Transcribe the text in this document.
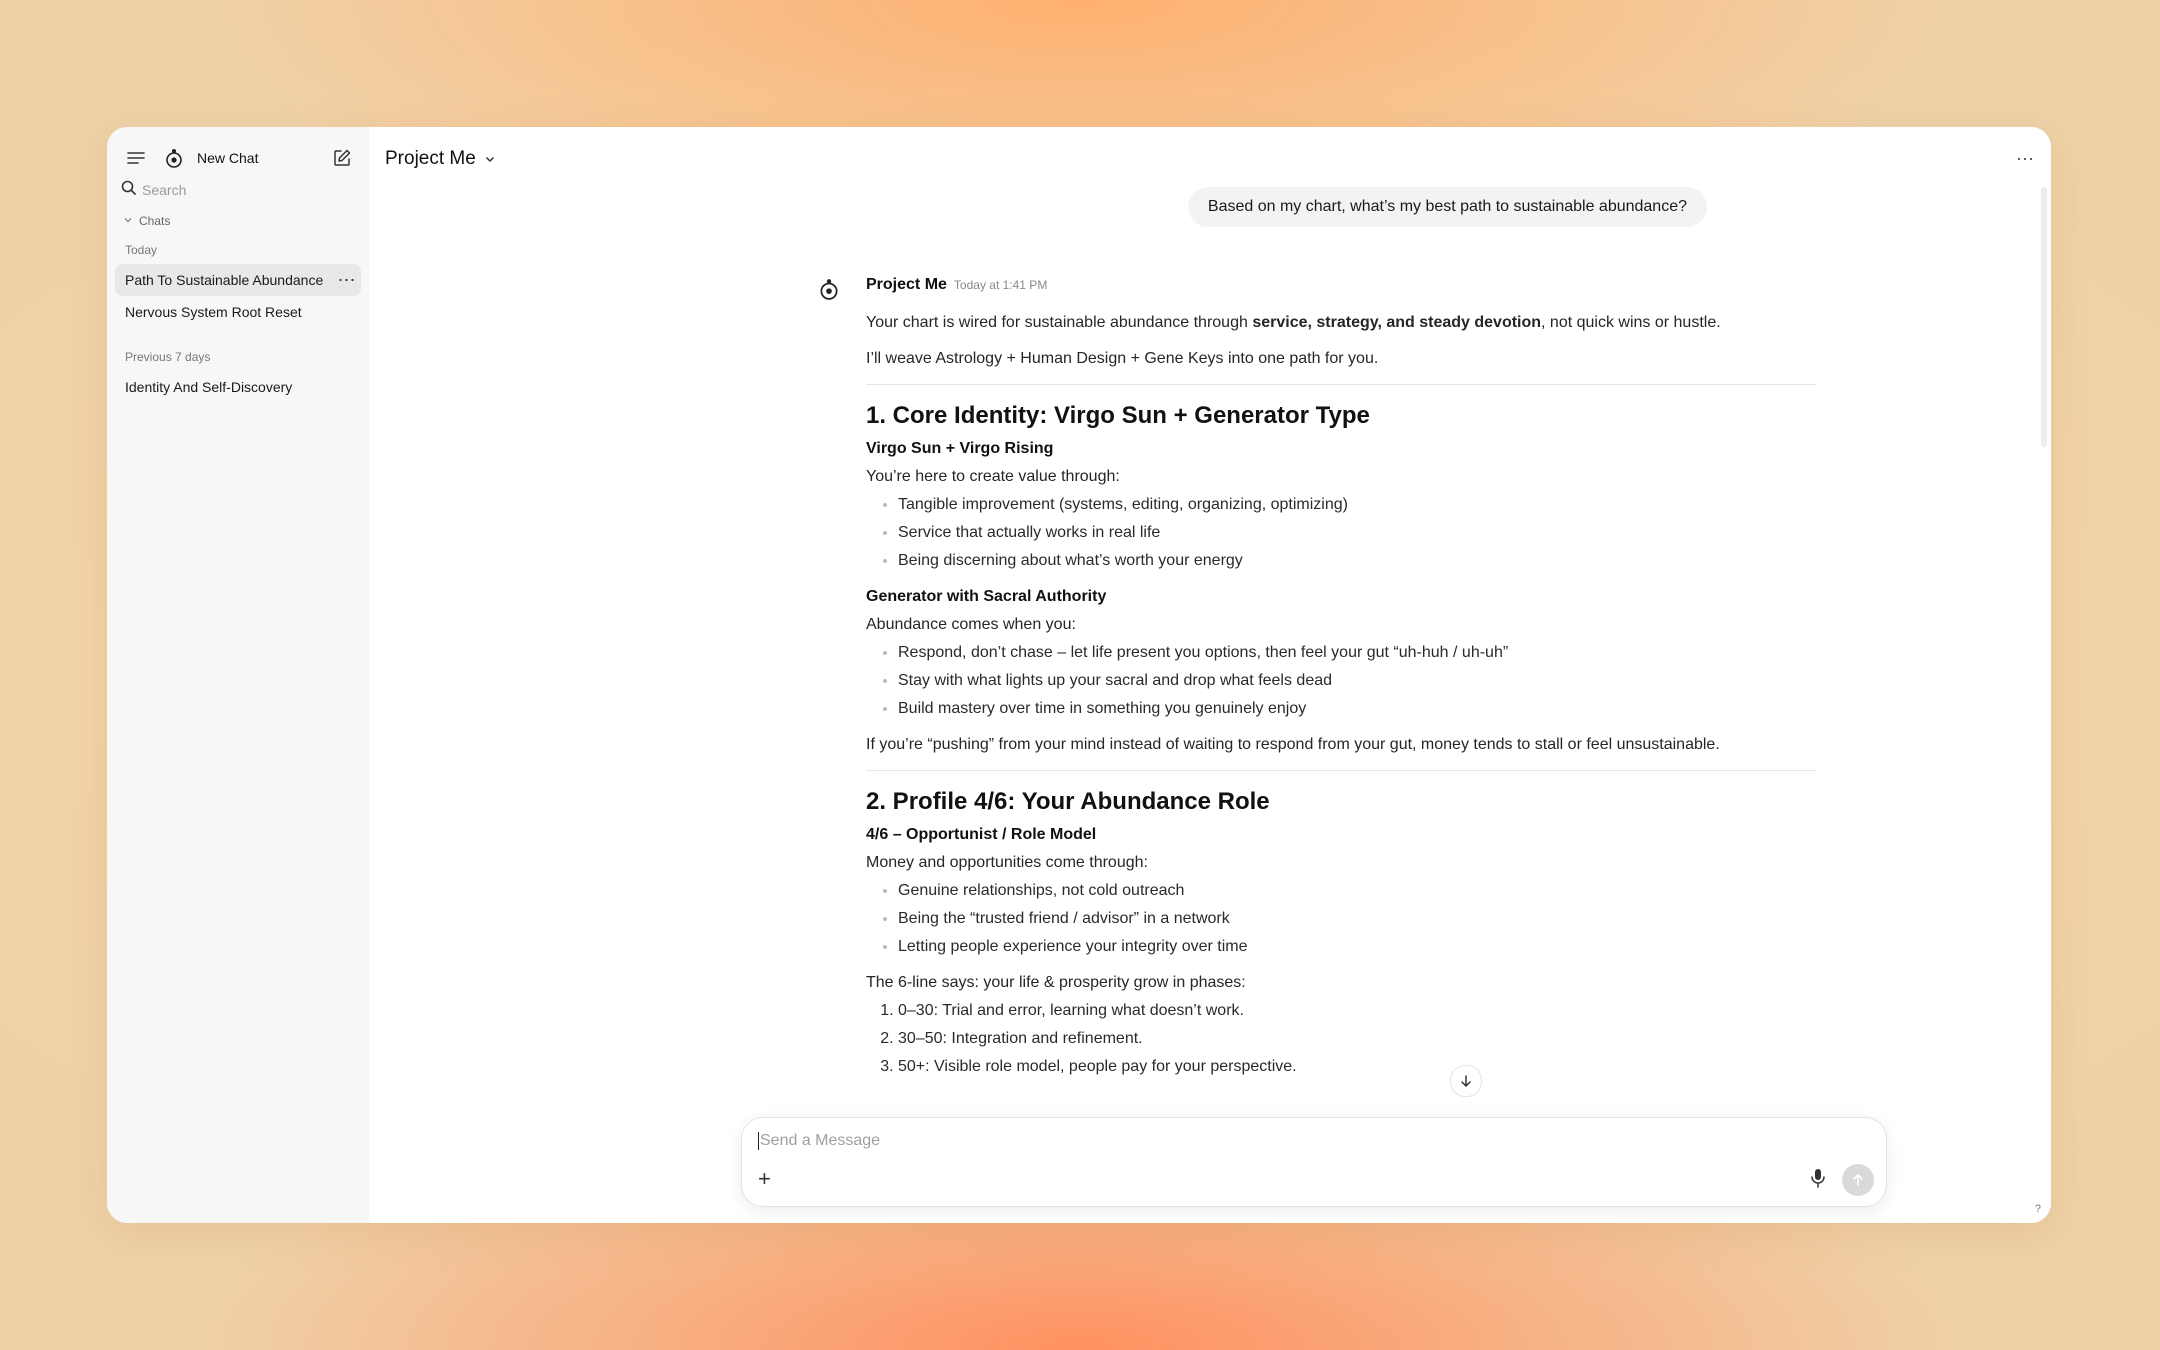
New Chat
Search
Chats
Today
Path To Sustainable Abundance ⋯
Nervous System Root Reset
Previous 7 days
Identity And Self-Discovery
Project Me	⋯
Based on my chart, what’s my best path to sustainable abundance?
Project Me Today at 1:41 PM

Your chart is wired for sustainable abundance through service, strategy, and steady devotion, not quick wins or hustle.

I’ll weave Astrology + Human Design + Gene Keys into one path for you.

1. Core Identity: Virgo Sun + Generator Type
Virgo Sun + Virgo Rising

You’re here to create value through:

• Tangible improvement (systems, editing, organizing, optimizing)
• Service that actually works in real life
• Being discerning about what’s worth your energy
Generator with Sacral Authority

Abundance comes when you:

• Respond, don’t chase – let life present you options, then feel your gut “uh-huh / uh-uh”
• Stay with what lights up your sacral and drop what feels dead
• Build mastery over time in something you genuinely enjoy

If you’re “pushing” from your mind instead of waiting to respond from your gut, money tends to stall or feel unsustainable.

2. Profile 4/6: Your Abundance Role
4/6 – Opportunist / Role Model

Money and opportunities come through:

• Genuine relationships, not cold outreach
• Being the “trusted friend / advisor” in a network
• Letting people experience your integrity over time

The 6-line says: your life & prosperity grow in phases:

1. 0–30: Trial and error, learning what doesn’t work.
2. 30–50: Integration and refinement.
3. 50+: Visible role model, people pay for your perspective.
Send a Message
+
?
